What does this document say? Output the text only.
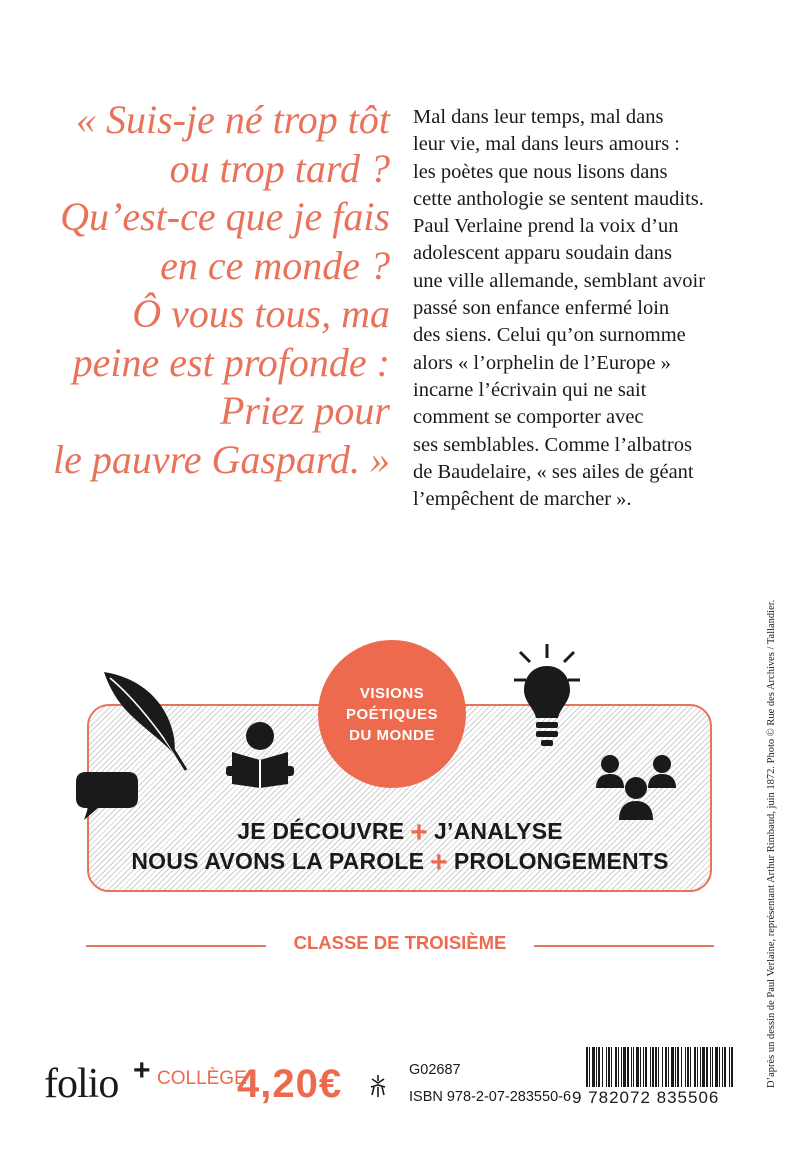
« Suis-je né trop tôt
ou trop tard ?
Qu’est-ce que je fais
en ce monde ?
Ô vous tous, ma
peine est profonde :
Priez pour
le pauvre Gaspard. »
Mal dans leur temps, mal dans
leur vie, mal dans leurs amours :
les poètes que nous lisons dans
cette anthologie se sentent maudits.
Paul Verlaine prend la voix d’un
adolescent apparu soudain dans
une ville allemande, semblant avoir
passé son enfance enfermé loin
des siens. Celui qu’on surnomme
alors « l’orphelin de l’Europe »
incarne l’écrivain qui ne sait
comment se comporter avec
ses semblables. Comme l’albatros
de Baudelaire, « ses ailes de géant
l’empêchent de marcher ».
D’après un dessin de Paul Verlaine, représentant Arthur Rimbaud, juin 1872. Photo © Rue des Archives / Tallandier.
JE DÉCOUVRE + J’ANALYSE
NOUS AVONS LA PAROLE + PROLONGEMENTS
VISIONS
POÉTIQUES
DU MONDE
CLASSE DE TROISIÈME
folio + COLLÈGE
4,20€	G02687
ISBN 978-2-07-283550-6 9 782072 835506
